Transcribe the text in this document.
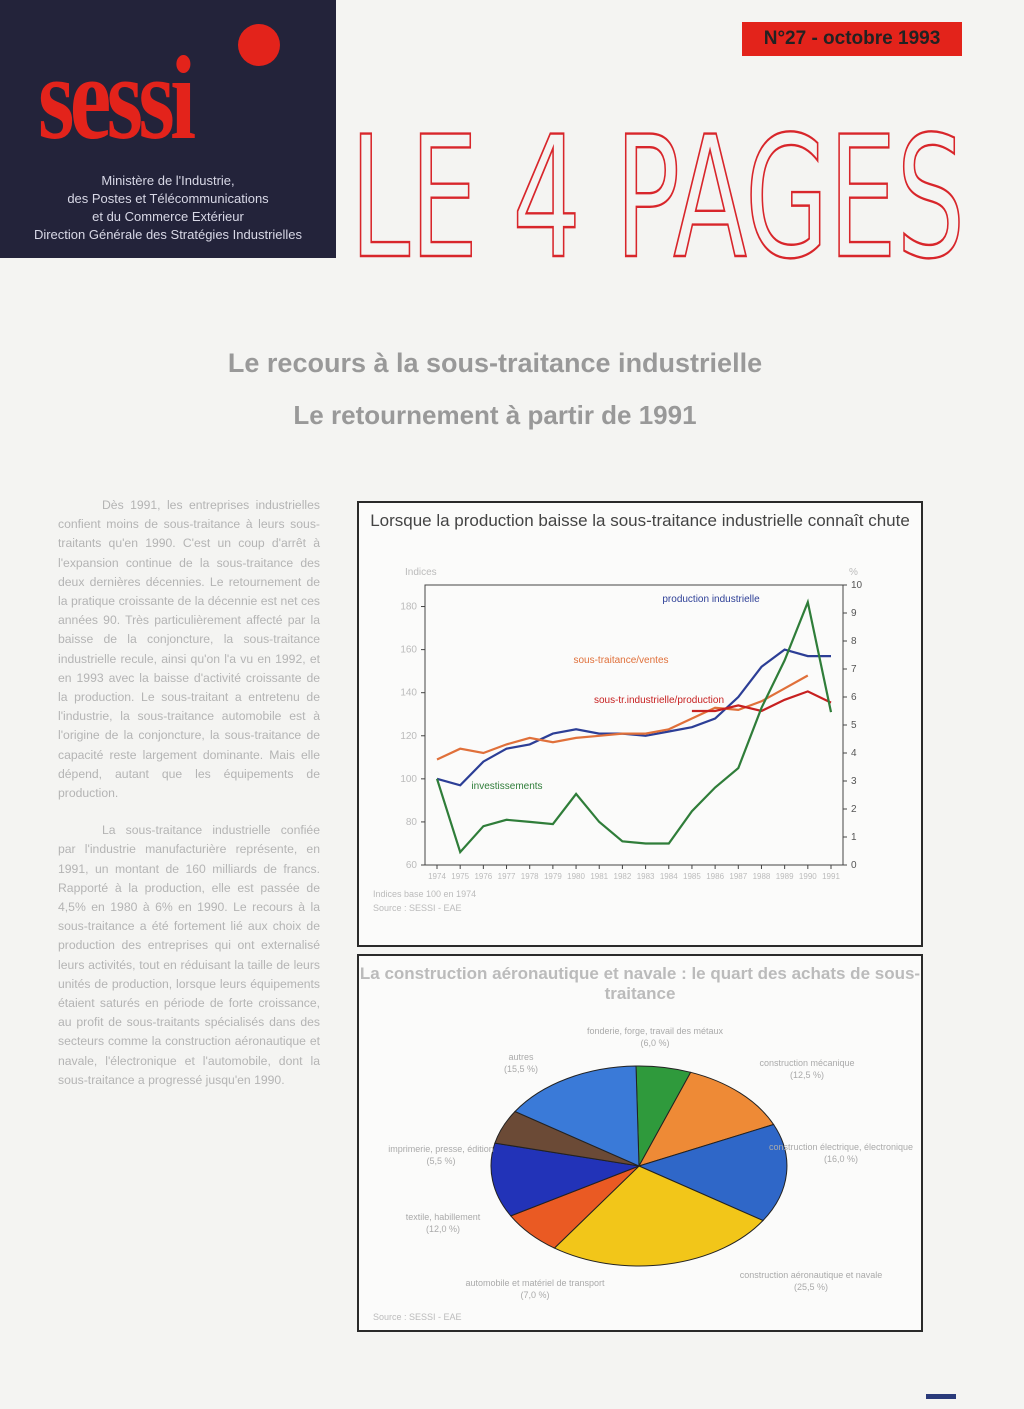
sessi
Ministère de l'Industrie,
des Postes et Télécommunications
et du Commerce Extérieur
Direction Générale des Stratégies Industrielles
N°27 - octobre 1993
LE 4 PAGES
Le recours à la sous-traitance industrielle
Le retournement à partir de 1991

Dès 1991, les entreprises industrielles confient moins de sous-traitance à leurs sous-traitants qu'en 1990. C'est un coup d'arrêt à l'expansion continue de la sous-traitance des deux dernières décennies. Le retournement de la pratique croissante de la décennie est net ces années 90. Très particulièrement affecté par la baisse de la conjoncture, la sous-traitance industrielle recule, ainsi qu'on l'a vu en 1992, et en 1993 avec la baisse d'activité croissante de la production. Le sous-traitant a entretenu de l'industrie, la sous-traitance automobile est à l'origine de la conjoncture, la sous-traitance de capacité reste largement dominante. Mais elle dépend, autant que les équipements de production.

La sous-traitance industrielle confiée par l'industrie manufacturière représente, en 1991, un montant de 160 milliards de francs. Rapporté à la production, elle est passée de 4,5% en 1980 à 6% en 1990. Le recours à la sous-traitance a été fortement lié aux choix de production des entreprises qui ont externalisé leurs activités, tout en réduisant la taille de leurs unités de production, lorsque leurs équipements étaient saturés en période de forte croissance, au profit de sous-traitants spécialisés dans des secteurs comme la construction aéronautique et navale, l'électronique et l'automobile, dont la sous-traitance a progressé jusqu'en 1990.

Lorsque la production baisse la sous-traitance industrielle connaît chute
Indices	%
60
80
100
120
140
160
180
0
1
2
3
4
5
6
7
8
9
10
1974 1975 1976 1977 1978 1979 1980 1981 1982 1983 1984 1985 1986 1987 1988 1989 1990 1991
production industrielle
sous-traitance/ventes
sous-tr.industrielle/production
investissements
Indices base 100 en 1974
Source : SESSI - EAE
La construction aéronautique et navale : le quart des achats de sous-traitance
fonderie, forge, travail des métaux
(6,0 %)
construction mécanique
(12,5 %)
construction électrique, électronique
(16,0 %)
construction aéronautique et navale
(25,5 %)
automobile et matériel de transport
(7,0 %)
textile, habillement
(12,0 %)
imprimerie, presse, édition
(5,5 %)
autres
(15,5 %)
Source : SESSI - EAE
